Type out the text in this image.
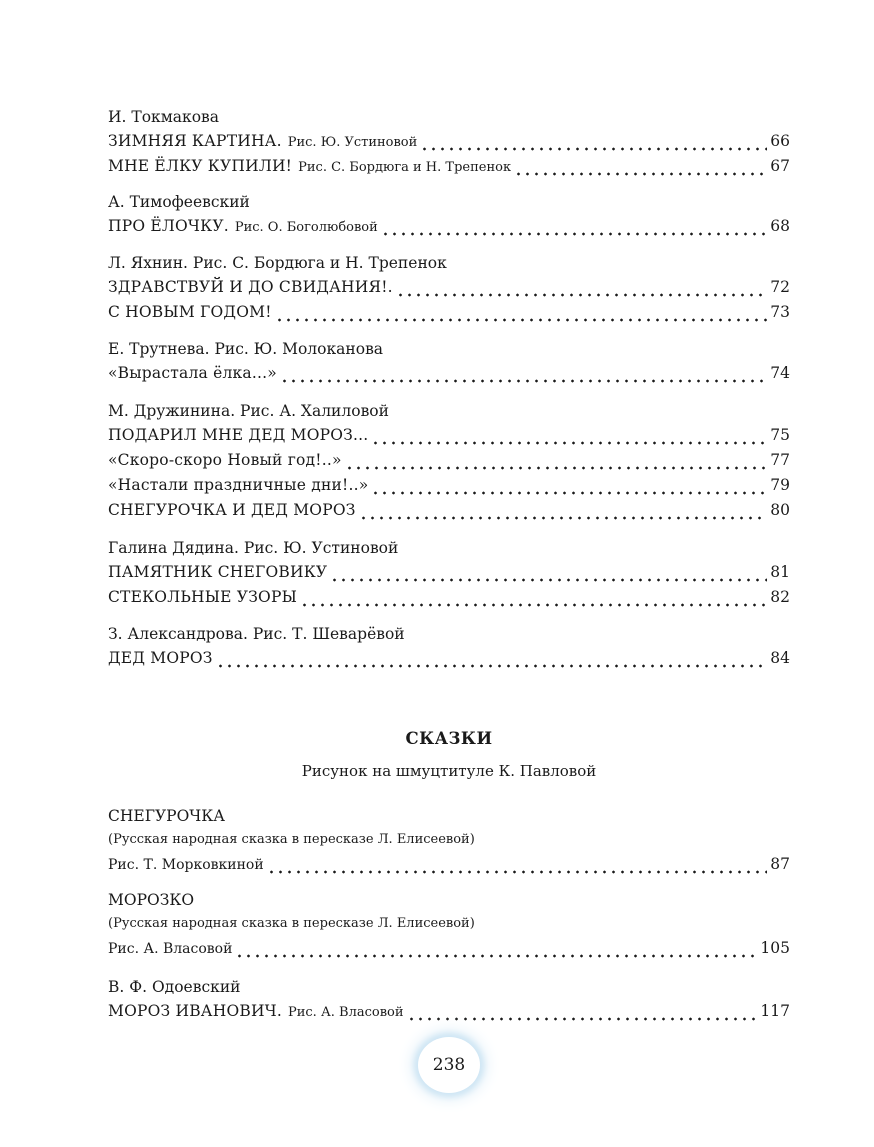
И. Токмакова
ЗИМНЯЯ КАРТИНА. Рис. Ю. Устиновой	66
МНЕ ЁЛКУ КУПИЛИ! Рис. С. Бордюга и Н. Трепенок	67
А. Тимофеевский
ПРО ЁЛОЧКУ. Рис. О. Боголюбовой	68
Л. Яхнин. Рис. С. Бордюга и Н. Трепенок
ЗДРАВСТВУЙ И ДО СВИДАНИЯ!.	72
С НОВЫМ ГОДОМ!	73
Е. Трутнева. Рис. Ю. Молоканова
«Вырастала ёлка...»	74
М. Дружинина. Рис. А. Халиловой
ПОДАРИЛ МНЕ ДЕД МОРОЗ...	75
«Скоро-скоро Новый год!..»	77
«Настали праздничные дни!..»	79
СНЕГУРОЧКА И ДЕД МОРОЗ	80
Галина Дядина. Рис. Ю. Устиновой
ПАМЯТНИК СНЕГОВИКУ	81
СТЕКОЛЬНЫЕ УЗОРЫ	82
З. Александрова. Рис. Т. Шеварёвой
ДЕД МОРОЗ	84
СКАЗКИ
Рисунок на шмуцтитуле К. Павловой
СНЕГУРОЧКА
(Русская народная сказка в пересказе Л. Елисеевой)
Рис. Т. Морковкиной	87
МОРОЗКО
(Русская народная сказка в пересказе Л. Елисеевой)
Рис. А. Власовой	105
В. Ф. Одоевский
МОРОЗ ИВАНОВИЧ. Рис. А. Власовой	117
238
